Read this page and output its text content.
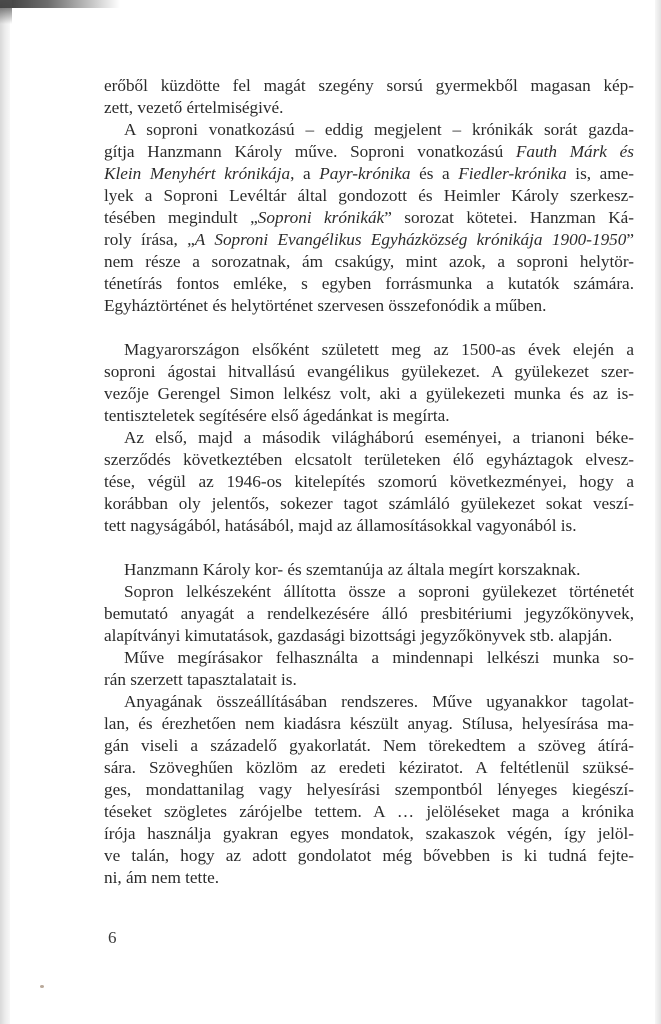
erőből küzdötte fel magát szegény sorsú gyermekből magasan kép-
zett, vezető értelmiségivé.
A soproni vonatkozású – eddig megjelent – krónikák sorát gazda-
gítja Hanzmann Károly műve. Soproni vonatkozású Fauth Márk és
Klein Menyhért krónikája, a Payr-krónika és a Fiedler-krónika is, ame-
lyek a Soproni Levéltár által gondozott és Heimler Károly szerkesz-
tésében megindult „Soproni krónikák” sorozat kötetei. Hanzman Ká-
roly írása, „A Soproni Evangélikus Egyházközség krónikája 1900-1950”
nem része a sorozatnak, ám csakúgy, mint azok, a soproni helytör-
ténetírás fontos emléke, s egyben forrásmunka a kutatók számára.
Egyháztörténet és helytörténet szervesen összefonódik a műben.
Magyarországon elsőként született meg az 1500-as évek elején a
soproni ágostai hitvallású evangélikus gyülekezet. A gyülekezet szer-
vezője Gerengel Simon lelkész volt, aki a gyülekezeti munka és az is-
tentiszteletek segítésére első ágedánkat is megírta.
Az első, majd a második világháború eseményei, a trianoni béke-
szerződés következtében elcsatolt területeken élő egyháztagok elvesz-
tése, végül az 1946-os kitelepítés szomorú következményei, hogy a
korábban oly jelentős, sokezer tagot számláló gyülekezet sokat veszí-
tett nagyságából, hatásából, majd az államosításokkal vagyonából is.
Hanzmann Károly kor- és szemtanúja az általa megírt korszaknak.
Sopron lelkészeként állította össze a soproni gyülekezet történetét
bemutató anyagát a rendelkezésére álló presbitériumi jegyzőkönyvek,
alapítványi kimutatások, gazdasági bizottsági jegyzőkönyvek stb. alapján.
Műve megírásakor felhasználta a mindennapi lelkészi munka so-
rán szerzett tapasztalatait is.
Anyagának összeállításában rendszeres. Műve ugyanakkor tagolat-
lan, és érezhetően nem kiadásra készült anyag. Stílusa, helyesírása ma-
gán viseli a századelő gyakorlatát. Nem törekedtem a szöveg átírá-
sára. Szöveghűen közlöm az eredeti kéziratot. A feltétlenül szüksé-
ges, mondattanilag vagy helyesírási szempontból lényeges kiegészí-
téseket szögletes zárójelbe tettem. A … jelöléseket maga a krónika
írója használja gyakran egyes mondatok, szakaszok végén, így jelöl-
ve talán, hogy az adott gondolatot még bővebben is ki tudná fejte-
ni, ám nem tette.
6
